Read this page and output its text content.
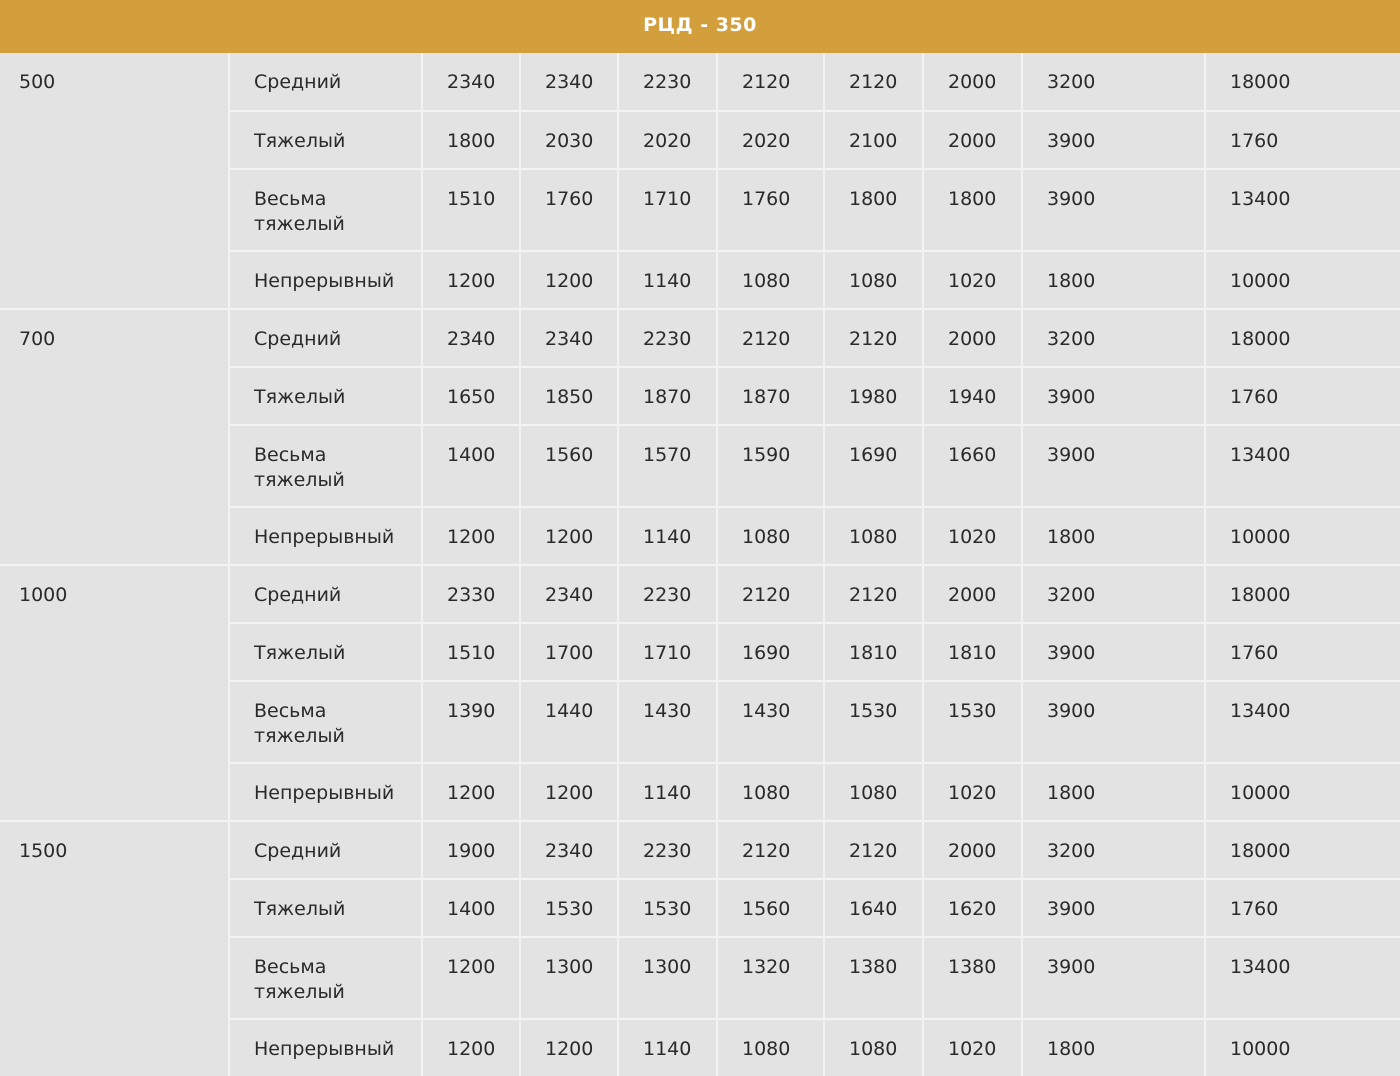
РЦД - 350
500	Средний	2340	2340	2230	2120	2120	2000	3200	18000
	Тяжелый	1800	2030	2020	2020	2100	2000	3900	1760
	Весьма тяжелый	1510	1760	1710	1760	1800	1800	3900	13400
	Непрерывный	1200	1200	1140	1080	1080	1020	1800	10000
700	Средний	2340	2340	2230	2120	2120	2000	3200	18000
	Тяжелый	1650	1850	1870	1870	1980	1940	3900	1760
	Весьма тяжелый	1400	1560	1570	1590	1690	1660	3900	13400
	Непрерывный	1200	1200	1140	1080	1080	1020	1800	10000
1000	Средний	2330	2340	2230	2120	2120	2000	3200	18000
	Тяжелый	1510	1700	1710	1690	1810	1810	3900	1760
	Весьма тяжелый	1390	1440	1430	1430	1530	1530	3900	13400
	Непрерывный	1200	1200	1140	1080	1080	1020	1800	10000
1500	Средний	1900	2340	2230	2120	2120	2000	3200	18000
	Тяжелый	1400	1530	1530	1560	1640	1620	3900	1760
	Весьма тяжелый	1200	1300	1300	1320	1380	1380	3900	13400
	Непрерывный	1200	1200	1140	1080	1080	1020	1800	10000
